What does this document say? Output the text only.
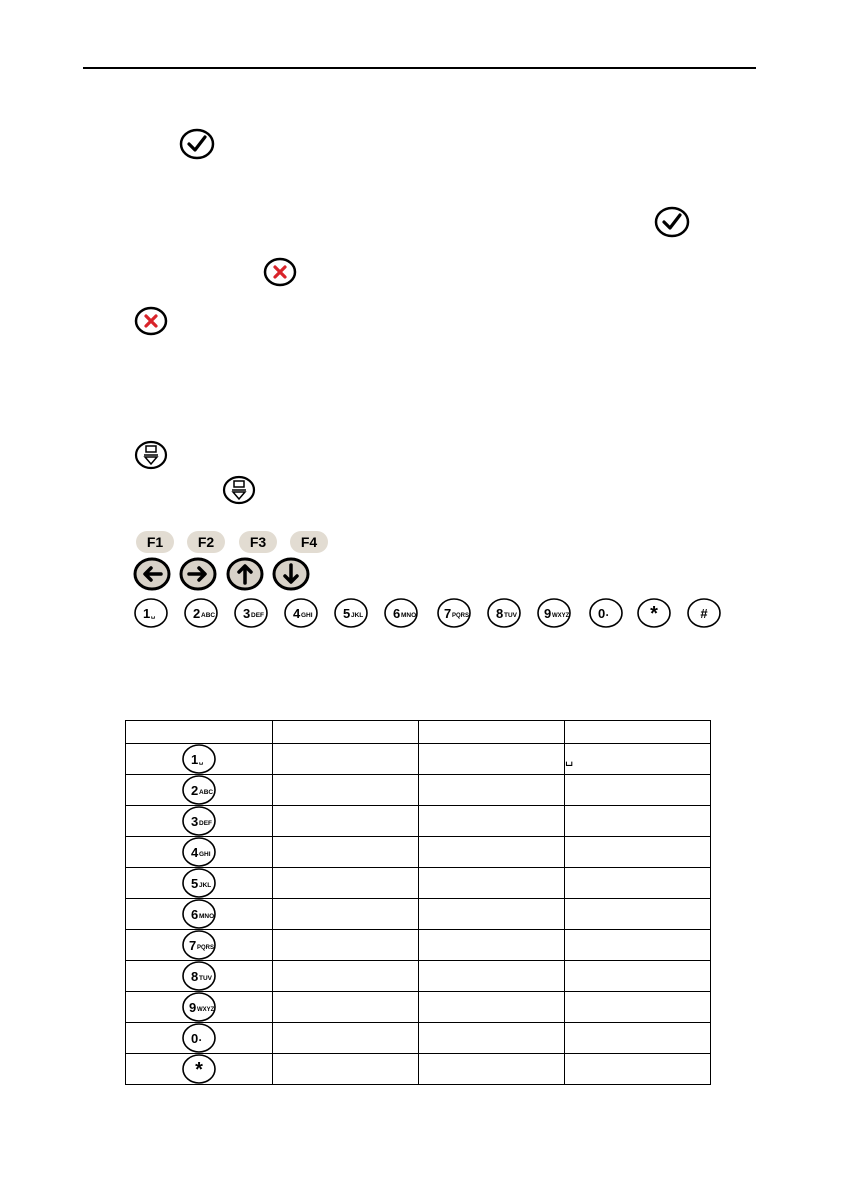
F1	F2	F3	F4
1 ␣	2 ABC 3 DEF 4 GHI 5 JKL 6 MNO 7 PQRS 8 TUV 9 WXYZ 0 • *	#

1 ␣			␣

2 ABC			

3 DEF			

4 GHI			

5 JKL			

6 MNO			

7 PQRS			

8 TUV			

9 WXYZ			

0 •			

*			
